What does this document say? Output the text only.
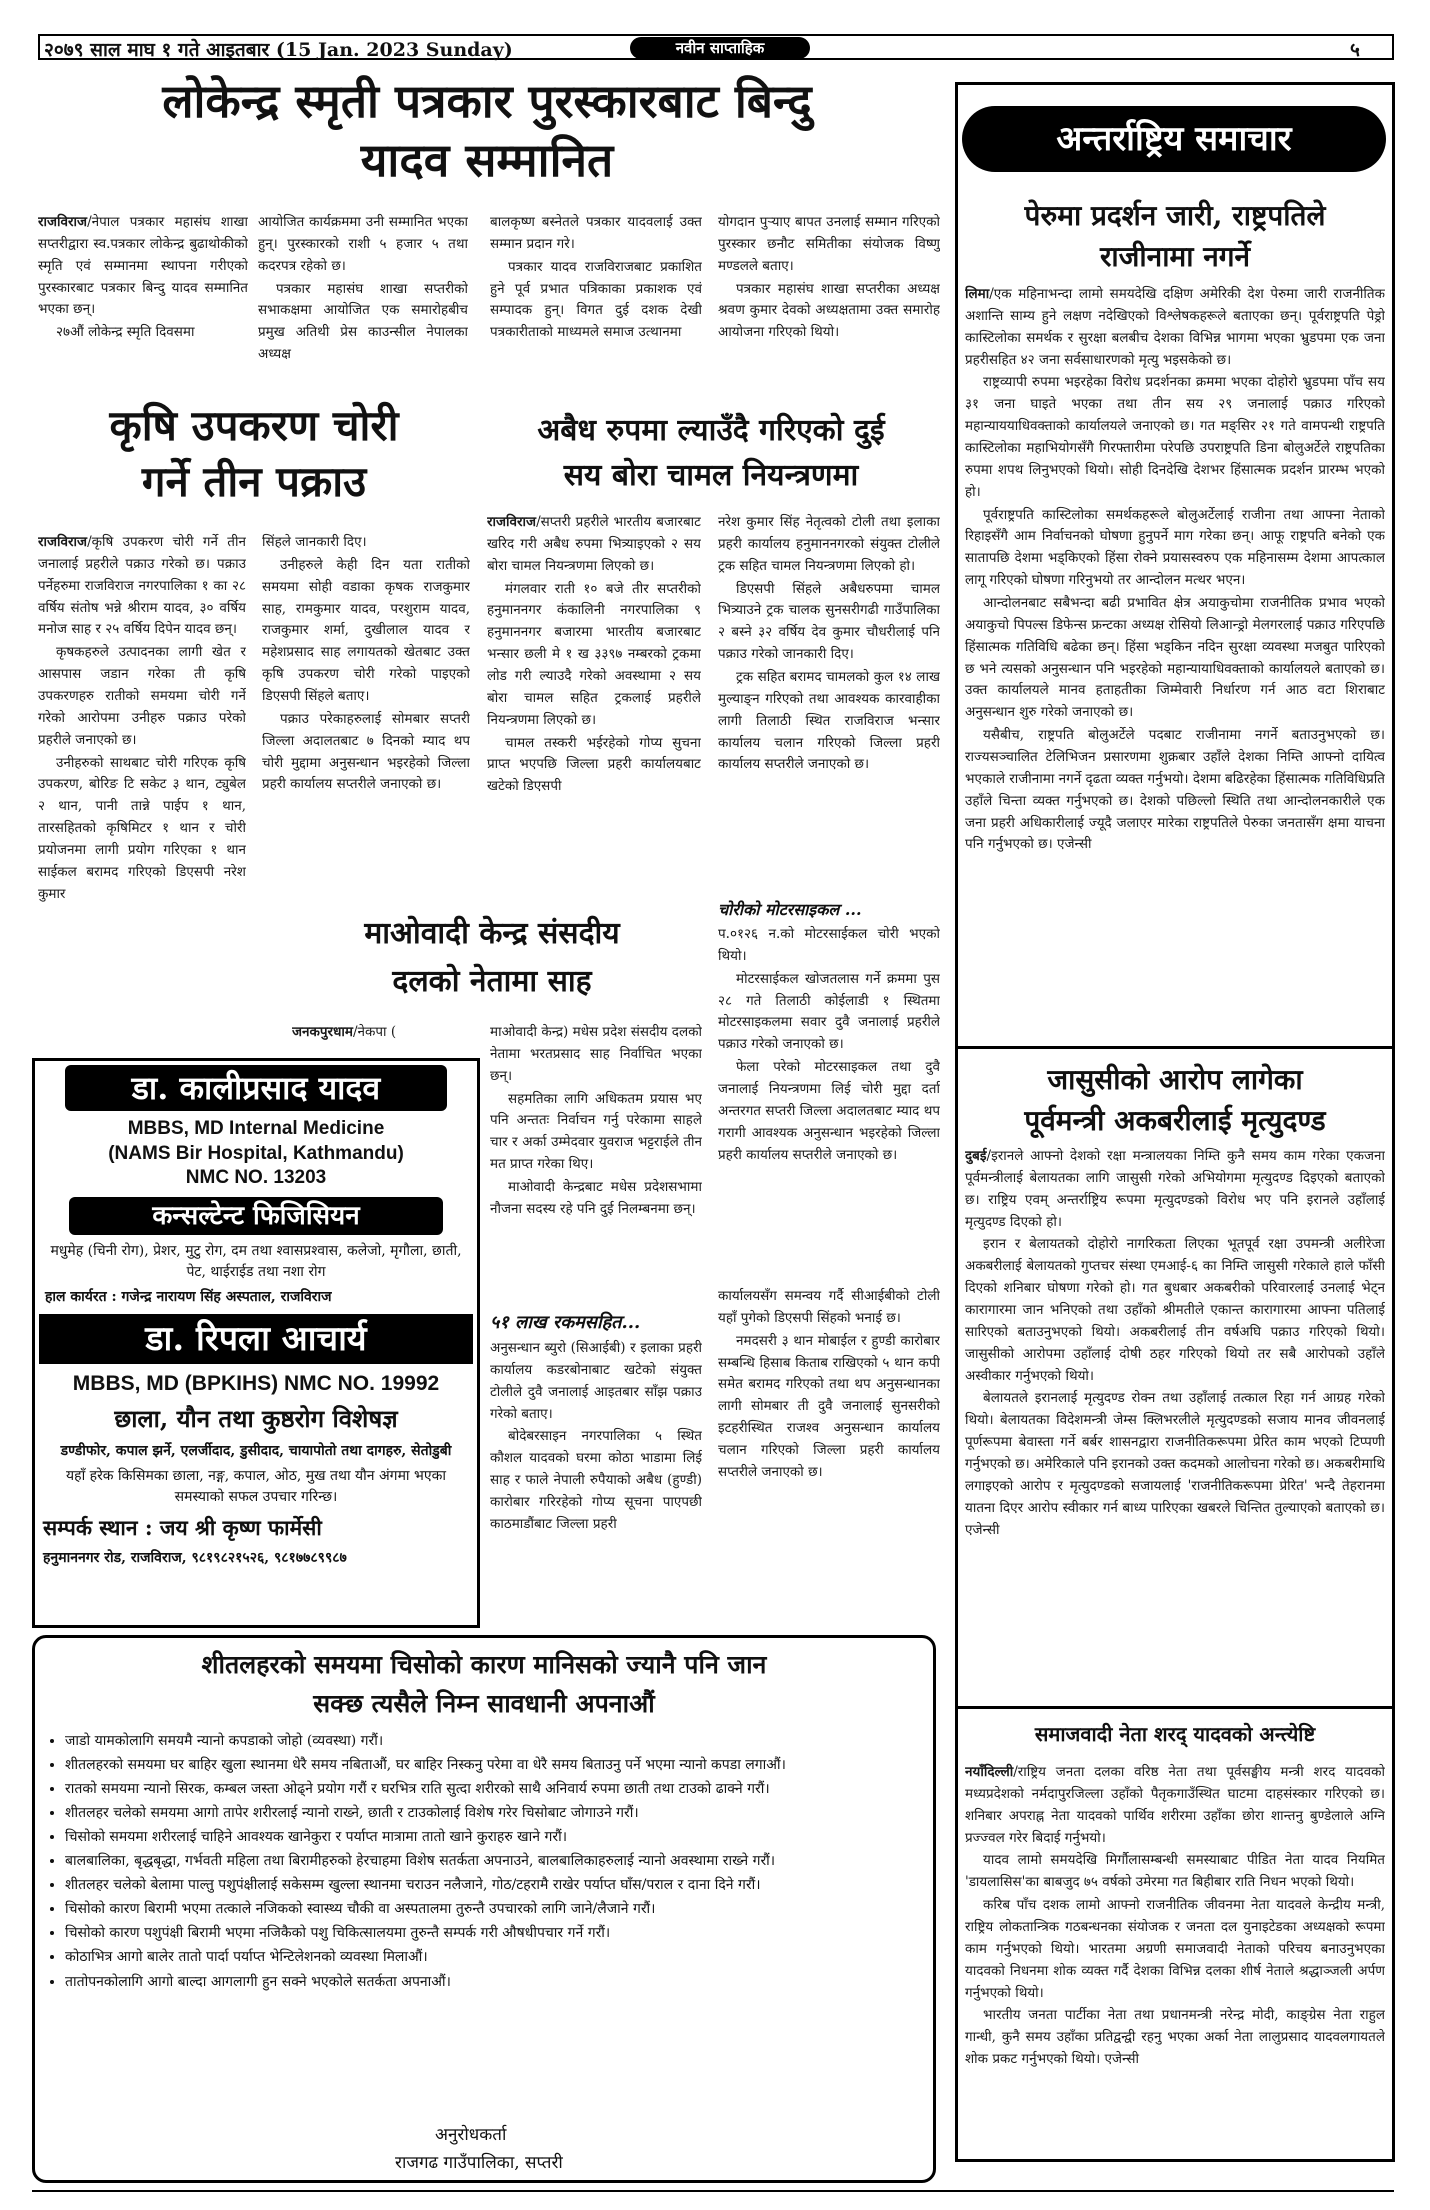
२०७९ साल माघ १ गते आइतबार (15 Jan. 2023 Sunday)	नवीन साप्ताहिक	५
लोकेन्द्र स्मृती पत्रकार पुरस्कारबाट बिन्दु
यादव सम्मानित

राजविराज/नेपाल पत्रकार महासंघ शाखा सप्तरीद्वारा स्व.पत्रकार लोकेन्द्र बुढाथोकीको स्मृति एवं सम्मानमा स्थापना गरीएको पुरस्कारबाट पत्रकार बिन्दु यादव सम्मानित भएका छन्।

२७औं लोकेन्द्र स्मृति दिवसमा

आयोजित कार्यक्रममा उनी सम्मानित भएका हुन्। पुरस्कारको राशी ५ हजार ५ तथा कदरपत्र रहेको छ।

पत्रकार महासंघ शाखा सप्तरीको सभाकक्षमा आयोजित एक समारोहबीच प्रमुख अतिथी प्रेस काउन्सील नेपालका अध्यक्ष

बालकृष्ण बस्नेतले पत्रकार यादवलाई उक्त सम्मान प्रदान गरे।

पत्रकार यादव राजविराजबाट प्रकाशित हुने पूर्व प्रभात पत्रिकाका प्रकाशक एवं सम्पादक हुन्। विगत दुई दशक देखी पत्रकारीताको माध्यमले समाज उत्थानमा

योगदान पुऱ्याए बापत उनलाई सम्मान गरिएको पुरस्कार छनौट समितीका संयोजक विष्णु मण्डलले बताए।

पत्रकार महासंघ शाखा सप्तरीका अध्यक्ष श्रवण कुमार देवको अध्यक्षतामा उक्त समारोह आयोजना गरिएको थियो।

कृषि उपकरण चोरी
गर्ने तीन पक्राउ

राजविराज/कृषि उपकरण चोरी गर्ने तीन जनालाई प्रहरीले पक्राउ गरेको छ। पक्राउ पर्नेहरुमा राजविराज नगरपालिका १ का २८ वर्षिय संतोष भन्ने श्रीराम यादव, ३० वर्षिय मनोज साह र २५ वर्षिय दिपेन यादव छन्।

कृषकहरुले उत्पादनका लागी खेत र आसपास जडान गरेका ती कृषि उपकरणहरु रातीको समयमा चोरी गर्ने गरेको आरोपमा उनीहरु पक्राउ परेको प्रहरीले जनाएको छ।

उनीहरुको साथबाट चोरी गरिएक कृषि उपकरण, बोरिङ टि सकेट ३ थान, ट्युबेल २ थान, पानी तान्ने पाईप १ थान, तारसहितको कृषिमिटर १ थान र चोरी प्रयोजनमा लागी प्रयोग गरिएका १ थान साईकल बरामद गरिएको डिएसपी नरेश कुमार

सिंहले जानकारी दिए।

उनीहरुले केही दिन यता रातीको समयमा सोही वडाका कृषक राजकुमार साह, रामकुमार यादव, परशुराम यादव, राजकुमार शर्मा, दुखीलाल यादव र महेशप्रसाद साह लगायतको खेतबाट उक्त कृषि उपकरण चोरी गरेको पाइएको डिएसपी सिंहले बताए।

पक्राउ परेकाहरुलाई सोमबार सप्तरी जिल्ला अदालतबाट ७ दिनको म्याद थप चोरी मुद्दामा अनुसन्धान भइरहेको जिल्ला प्रहरी कार्यालय सप्तरीले जनाएको छ।

अबैध रुपमा ल्याउँदै गरिएको दुई
सय बोरा चामल नियन्त्रणमा

राजविराज/सप्तरी प्रहरीले भारतीय बजारबाट खरिद गरी अबैध रुपमा भित्र्याइएको २ सय बोरा चामल नियन्त्रणमा लिएको छ।

मंगलवार राती १० बजे तीर सप्तरीको हनुमाननगर कंकालिनी नगरपालिका ९ हनुमाननगर बजारमा भारतीय बजारबाट भन्सार छली मे १ ख ३३९७ नम्बरको ट्रकमा लोड गरी ल्याउदै गरेको अवस्थामा २ सय बोरा चामल सहित ट्रकलाई प्रहरीले नियन्त्रणमा लिएको छ।

चामल तस्करी भईरहेको गोप्य सुचना प्राप्त भएपछि जिल्ला प्रहरी कार्यालयबाट खटेको डिएसपी

नरेश कुमार सिंह नेतृत्वको टोली तथा इलाका प्रहरी कार्यालय हनुमाननगरको संयुक्त टोलीले ट्रक सहित चामल नियन्त्रणमा लिएको हो।

डिएसपी सिंहले अबैधरुपमा चामल भित्र्याउने ट्रक चालक सुनसरीगढी गाउँपालिका २ बस्ने ३२ वर्षिय देव कुमार चौधरीलाई पनि पक्राउ गरेको जानकारी दिए।

ट्रक सहित बरामद चामलको कुल १४ लाख मुल्याङ्न गरिएको तथा आवश्यक कारवाहीका लागी तिलाठी स्थित राजविराज भन्सार कार्यालय चलान गरिएको जिल्ला प्रहरी कार्यालय सप्तरीले जनाएको छ।

चोरीको मोटरसाइकल ...

प.०१२६ न.को मोटरसाईकल चोरी भएको थियो।

मोटरसाईकल खोजतलास गर्ने क्रममा पुस २८ गते तिलाठी कोईलाडी १ स्थितमा मोटरसाइकलमा सवार दुवै जनालाई प्रहरीले पक्राउ गरेको जनाएको छ।

फेला परेको मोटरसाइकल तथा दुवै जनालाई नियन्त्रणमा लिई चोरी मुद्दा दर्ता अन्तरगत सप्तरी जिल्ला अदालतबाट म्याद थप गरागी आवश्यक अनुसन्धान भइरहेको जिल्ला प्रहरी कार्यालय सप्तरीले जनाएको छ।

माओवादी केन्द्र संसदीय
दलको नेतामा साह

जनकपुरधाम/नेकपा (	माओवादी केन्द्र) मधेस प्रदेश संसदीय दलको नेतामा भरतप्रसाद साह निर्वाचित भएका छन्।

सहमतिका लागि अधिकतम प्रयास भए पनि अन्ततः निर्वाचन गर्नु परेकामा साहले चार र अर्का उम्मेदवार युवराज भट्टराईले तीन मत प्राप्त गरेका थिए।

माओवादी केन्द्रबाट मधेस प्रदेशसभामा नौजना सदस्य रहे पनि दुई निलम्बनमा छन्।

५१ लाख रकमसहित...

अनुसन्धान ब्युरो (सिआईबी) र इलाका प्रहरी कार्यालय कडरबोनाबाट खटेको संयुक्त टोलीले दुवै जनालाई आइतबार साँझ पक्राउ गरेको बताए।

बोदेबरसाइन नगरपालिका ५ स्थित कौशल यादवको घरमा कोठा भाडामा लिई साह र फाले नेपाली रुपैयाको अबैध (हुण्डी) कारोबार गरिरहेको गोप्य सूचना पाएपछी काठमाडौंबाट जिल्ला प्रहरी

कार्यालयसँग समन्वय गर्दै सीआईबीको टोली यहाँ पुगेको डिएसपी सिंहको भनाई छ।

नमदसरी ३ थान मोबाईल र हुण्डी कारोबार सम्बन्धि हिसाब किताब राखिएको ५ थान कपी समेत बरामद गरिएको तथा थप अनुसन्धानका लागी सोमबार ती दुवै जनालाई सुनसरीको इटहरीस्थित राजश्व अनुसन्धान कार्यालय चलान गरिएको जिल्ला प्रहरी कार्यालय सप्तरीले जनाएको छ।

डा. कालीप्रसाद यादव
MBBS, MD Internal Medicine (NAMS Bir Hospital, Kathmandu) NMC NO. 13203
कन्सल्टेन्ट फिजिसियन
मधुमेह (चिनी रोग), प्रेशर, मुटु रोग, दम तथा श्वासप्रश्वास, कलेजो, मृगौला, छाती, पेट, थाईराईड तथा नशा रोग
हाल कार्यरत : गजेन्द्र नारायण सिंह अस्पताल, राजविराज
डा. रिपला आचार्य
MBBS, MD (BPKIHS) NMC NO. 19992
छाला, यौन तथा कुष्ठरोग विशेषज्ञ
डण्डीफोर, कपाल झर्ने, एलर्जीदाद, डुसीदाद, चायापोतो तथा दागहरु, सेतोडुबी
यहाँ हरेक किसिमका छाला, नङ्ग, कपाल, ओठ, मुख तथा यौन अंगमा भएका समस्याको सफल उपचार गरिन्छ।
सम्पर्क स्थान : जय श्री कृष्ण फार्मेसी
हनुमाननगर रोड, राजविराज, ९८१९८२१५२६, ९८१७७८९९८७
शीतलहरको समयमा चिसोको कारण मानिसको ज्यानै पनि जान
सक्छ त्यसैले निम्न सावधानी अपनाऔं
• जाडो यामकोलागि समयमै न्यानो कपडाको जोहो (व्यवस्था) गरौं।
• शीतलहरको समयमा घर बाहिर खुला स्थानमा धेरै समय नबिताऔं, घर बाहिर निस्कनु परेमा वा धेरै समय बिताउनु पर्ने भएमा न्यानो कपडा लगाऔं।
• रातको समयमा न्यानो सिरक, कम्बल जस्ता ओढ्ने प्रयोग गरौं र घरभित्र राति सुत्दा शरीरको साथै अनिवार्य रुपमा छाती तथा टाउको ढाक्ने गरौं।
• शीतलहर चलेको समयमा आगो तापेर शरीरलाई न्यानो राख्ने, छाती र टाउकोलाई विशेष गरेर चिसोबाट जोगाउने गरौं।
• चिसोको समयमा शरीरलाई चाहिने आवश्यक खानेकुरा र पर्याप्त मात्रामा तातो खाने कुराहरु खाने गरौं।
• बालबालिका, बृद्धबृद्धा, गर्भवती महिला तथा बिरामीहरुको हेरचाहमा विशेष सतर्कता अपनाउने, बालबालिकाहरुलाई न्यानो अवस्थामा राख्ने गरौं।
• शीतलहर चलेको बेलामा पाल्तु पशुपंक्षीलाई सकेसम्म खुल्ला स्थानमा चराउन नलैजाने, गोठ/टहरामै राखेर पर्याप्त घाँस/पराल र दाना दिने गरौं।
• चिसोको कारण बिरामी भएमा तत्काले नजिकको स्वास्थ्य चौकी वा अस्पतालमा तुरुन्तै उपचारको लागि जाने/लैजाने गरौं।
• चिसोको कारण पशुपंक्षी बिरामी भएमा नजिकैको पशु चिकित्सालयमा तुरुन्तै सम्पर्क गरी औषधीपचार गर्ने गरौं।
• कोठाभित्र आगो बालेर तातो पार्दा पर्याप्त भेन्टिलेशनको व्यवस्था मिलाऔं।
• तातोपनकोलागि आगो बाल्दा आगलागी हुन सक्ने भएकोले सतर्कता अपनाऔं।
अनुरोधकर्ता
राजगढ गाउँपालिका, सप्तरी
अन्तर्राष्ट्रिय समाचार
पेरुमा प्रदर्शन जारी, राष्ट्रपतिले
राजीनामा नगर्ने

लिमा/एक महिनाभन्दा लामो समयदेखि दक्षिण अमेरिकी देश पेरुमा जारी राजनीतिक अशान्ति साम्य हुने लक्षण नदेखिएको विश्लेषकहरूले बताएका छन्। पूर्वराष्ट्रपति पेड्रो कास्टिलोका समर्थक र सुरक्षा बलबीच देशका विभिन्न भागमा भएका भ्रुडपमा एक जना प्रहरीसहित ४२ जना सर्वसाधारणको मृत्यु भइसकेको छ।

राष्ट्रव्यापी रुपमा भइरहेका विरोध प्रदर्शनका क्रममा भएका दोहोरो भ्रुडपमा पाँच सय ३१ जना घाइते भएका तथा तीन सय २९ जनालाई पक्राउ गरिएको महान्याययाधिवक्ताको कार्यालयले जनाएको छ। गत मङ्सिर २१ गते वामपन्थी राष्ट्रपति कास्टिलोका महाभियोगसँगै गिरफ्तारीमा परेपछि उपराष्ट्रपति डिना बोलुअर्टेले राष्ट्रपतिका रुपमा शपथ लिनुभएको थियो। सोही दिनदेखि देशभर हिंसात्मक प्रदर्शन प्रारम्भ भएको हो।

पूर्वराष्ट्रपति कास्टिलोका समर्थकहरूले बोलुअर्टेलाई राजीना तथा आफ्ना नेताको रिहाइसँगै आम निर्वाचनको घोषणा हुनुपर्ने माग गरेका छन्। आफू राष्ट्रपति बनेको एक सातापछि देशमा भड्किएको हिंसा रोक्ने प्रयासस्वरुप एक महिनासम्म देशमा आपत्काल लागू गरिएको घोषणा गरिनुभयो तर आन्दोलन मत्थर भएन।

आन्दोलनबाट सबैभन्दा बढी प्रभावित क्षेत्र अयाकुचोमा राजनीतिक प्रभाव भएको अयाकुचो पिपल्स डिफेन्स फ्रन्टका अध्यक्ष रोसियो लिआन्ड्रो मेलगरलाई पक्राउ गरिएपछि हिंसात्मक गतिविधि बढेका छन्। हिंसा भड्किन नदिन सुरक्षा व्यवस्था मजबुत पारिएको छ भने त्यसको अनुसन्धान पनि भइरहेको महान्यायाधिवक्ताको कार्यालयले बताएको छ। उक्त कार्यालयले मानव हताहतीका जिम्मेवारी निर्धारण गर्न आठ वटा शिराबाट अनुसन्धान शुरु गरेको जनाएको छ।

यसैबीच, राष्ट्रपति बोलुअर्टेले पदबाट राजीनामा नगर्ने बताउनुभएको छ। राज्यसञ्चालित टेलिभिजन प्रसारणमा शुक्रबार उहाँले देशका निम्ति आफ्नो दायित्व भएकाले राजीनामा नगर्ने दृढता व्यक्त गर्नुभयो। देशमा बढिरहेका हिंसात्मक गतिविधिप्रति उहाँले चिन्ता व्यक्त गर्नुभएको छ। देशको पछिल्लो स्थिति तथा आन्दोलनकारीले एक जना प्रहरी अधिकारीलाई ज्यूदै जलाएर मारेका राष्ट्रपतिले पेरुका जनतासँग क्षमा याचना पनि गर्नुभएको छ। एजेन्सी

जासुसीको आरोप लागेका
पूर्वमन्त्री अकबरीलाई मृत्युदण्ड

दुबई/इरानले आफ्नो देशको रक्षा मन्त्रालयका निम्ति कुनै समय काम गरेका एकजना पूर्वमन्त्रीलाई बेलायतका लागि जासुसी गरेको अभियोगमा मृत्युदण्ड दिइएको बताएको छ। राष्ट्रिय एवम् अन्तर्राष्ट्रिय रूपमा मृत्युदण्डको विरोध भए पनि इरानले उहाँलाई मृत्युदण्ड दिएको हो।

इरान र बेलायतको दोहोरो नागरिकता लिएका भूतपूर्व रक्षा उपमन्त्री अलीरेजा अकबरीलाई बेलायतको गुप्तचर संस्था एमआई-६ का निम्ति जासुसी गरेकाले हाले फाँसी दिएको शनिबार घोषणा गरेको हो। गत बुधबार अकबरीको परिवारलाई उनलाई भेट्न कारागारमा जान भनिएको तथा उहाँको श्रीमतीले एकान्त कारागारमा आफ्ना पतिलाई सारिएको बताउनुभएको थियो। अकबरीलाई तीन वर्षअघि पक्राउ गरिएको थियो। जासुसीको आरोपमा उहाँलाई दोषी ठहर गरिएको थियो तर सबै आरोपको उहाँले अस्वीकार गर्नुभएको थियो।

बेलायतले इरानलाई मृत्युदण्ड रोक्न तथा उहाँलाई तत्काल रिहा गर्न आग्रह गरेको थियो। बेलायतका विदेशमन्त्री जेम्स क्लिभरलीले मृत्युदण्डको सजाय मानव जीवनलाई पूर्णरूपमा बेवास्ता गर्ने बर्बर शासनद्वारा राजनीतिकरूपमा प्रेरित काम भएको टिप्पणी गर्नुभएको छ। अमेरिकाले पनि इरानको उक्त कदमको आलोचना गरेको छ। अकबरीमाथि लगाइएको आरोप र मृत्युदण्डको सजायलाई 'राजनीतिकरूपमा प्रेरित' भन्दै तेहरानमा यातना दिएर आरोप स्वीकार गर्न बाध्य पारिएका खबरले चिन्तित तुल्याएको बताएको छ। एजेन्सी

समाजवादी नेता शरद् यादवको अन्त्येष्टि

नयाँदिल्ली/राष्ट्रिय जनता दलका वरिष्ठ नेता तथा पूर्वसङ्घीय मन्त्री शरद यादवको मध्यप्रदेशको नर्मदापुरजिल्ला उहाँको पैतृकगाउँस्थित घाटमा दाहसंस्कार गरिएको छ। शनिबार अपराह्न नेता यादवको पार्थिव शरीरमा उहाँका छोरा शान्तनु बुण्डेलाले अग्नि प्रज्ज्वल गरेर बिदाई गर्नुभयो।

यादव लामो समयदेखि मिर्गौलासम्बन्धी समस्याबाट पीडित नेता यादव नियमित 'डायलासिस'का बाबजुद ७५ वर्षको उमेरमा गत बिहीबार राति निधन भएको थियो।

करिब पाँच दशक लामो आफ्नो राजनीतिक जीवनमा नेता यादवले केन्द्रीय मन्त्री, राष्ट्रिय लोकतान्त्रिक गठबन्धनका संयोजक र जनता दल युनाइटेडका अध्यक्षको रूपमा काम गर्नुभएको थियो। भारतमा अग्रणी समाजवादी नेताको परिचय बनाउनुभएका यादवको निधनमा शोक व्यक्त गर्दै देशका विभिन्न दलका शीर्ष नेताले श्रद्धाञ्जली अर्पण गर्नुभएको थियो।

भारतीय जनता पार्टीका नेता तथा प्रधानमन्त्री नरेन्द्र मोदी, काङ्ग्रेस नेता राहुल गान्धी, कुनै समय उहाँका प्रतिद्वन्द्वी रहनु भएका अर्का नेता लालुप्रसाद यादवलगायतले शोक प्रकट गर्नुभएको थियो। एजेन्सी
